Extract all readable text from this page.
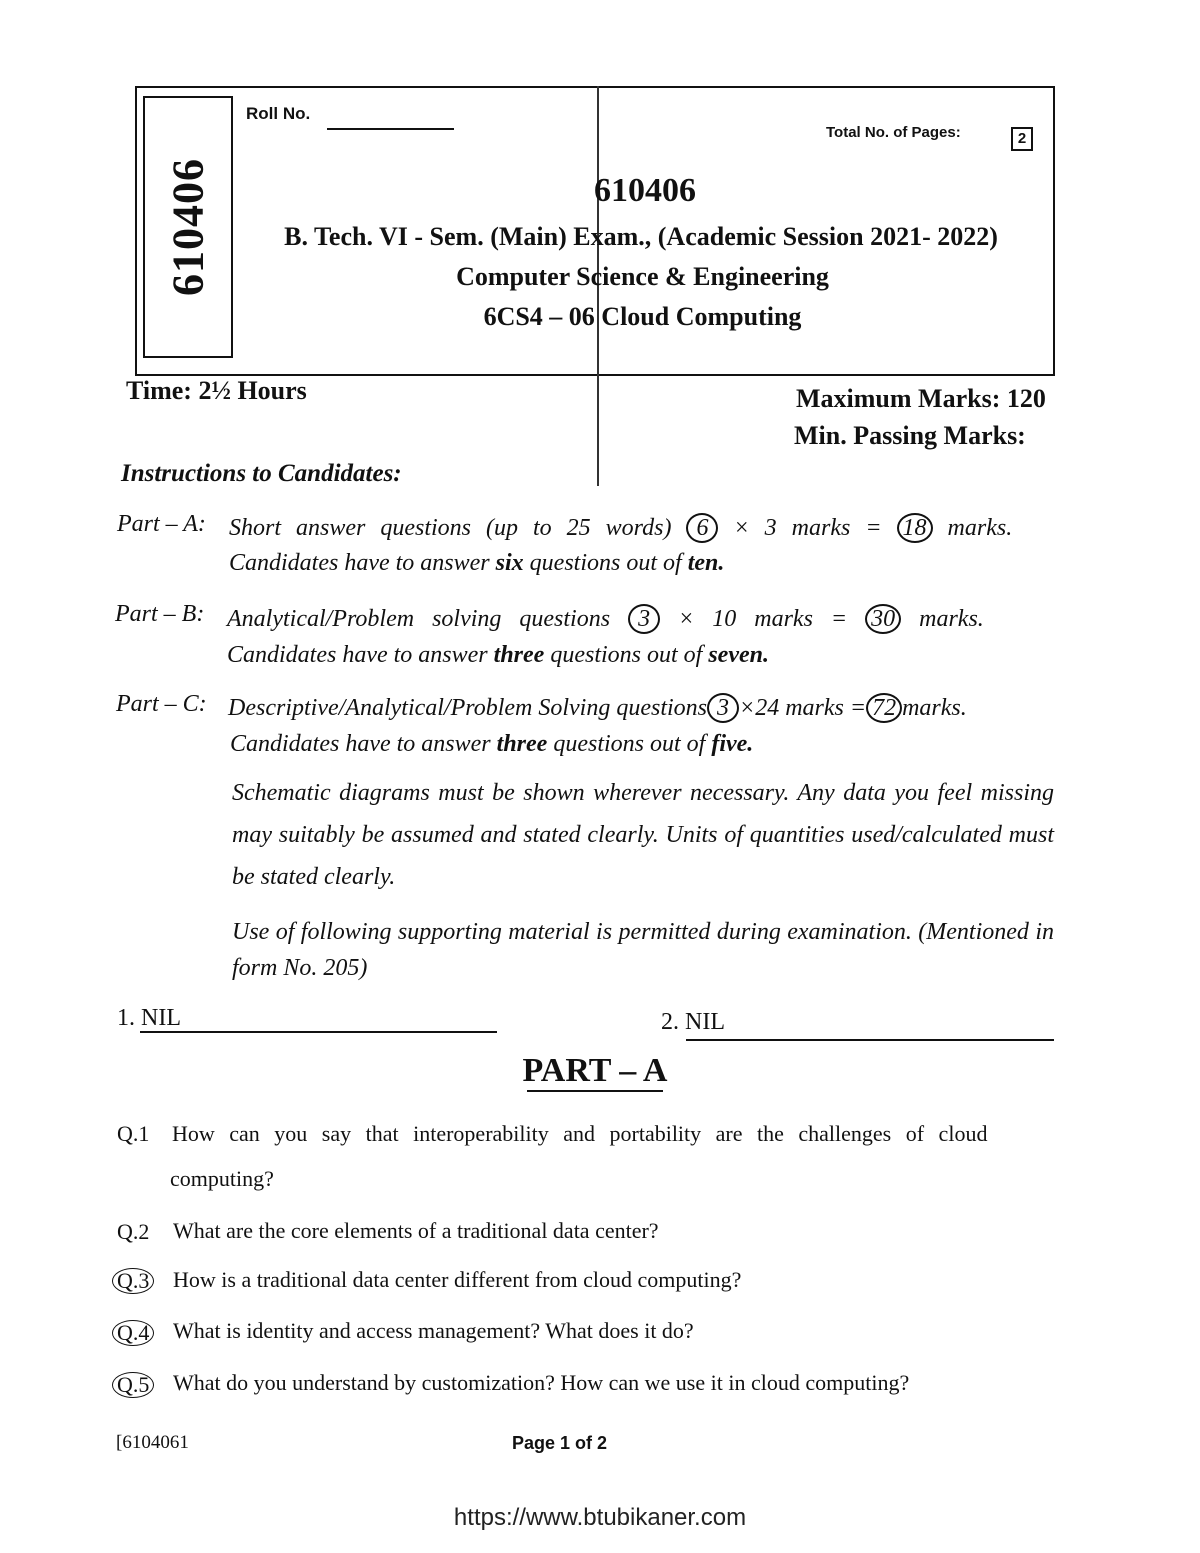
610406
Roll No.
Total No. of Pages:	2
610406
B. Tech. VI - Sem. (Main) Exam., (Academic Session 2021- 2022)
Computer Science & Engineering
6CS4 – 06 Cloud Computing
Time: 2½ Hours	Maximum Marks: 120
Min. Passing Marks:
Instructions to Candidates:
Part – A: Short answer questions (up to 25 words) 6 × 3 marks = 18 marks.
Candidates have to answer six questions out of ten.
Part – B: Analytical/Problem solving questions 3 × 10 marks = 30 marks.
Candidates have to answer three questions out of seven.
Part – C: Descriptive/Analytical/Problem Solving questions 3 ×24 marks = 72 marks.
Candidates have to answer three questions out of five.
Schematic diagrams must be shown wherever necessary. Any data you feel missing may suitably be assumed and stated clearly. Units of quantities used/calculated must be stated clearly.
Use of following supporting material is permitted during examination. (Mentioned in form No. 205)
1. NIL	2. NIL
PART – A
Q.1 How can you say that interoperability and portability are the challenges of cloud
computing?
Q.2 What are the core elements of a traditional data center?
Q.3 How is a traditional data center different from cloud computing?
Q.4 What is identity and access management? What does it do?
Q.5 What do you understand by customization? How can we use it in cloud computing?
[6104061	Page 1 of 2
https://www.btubikaner.com
